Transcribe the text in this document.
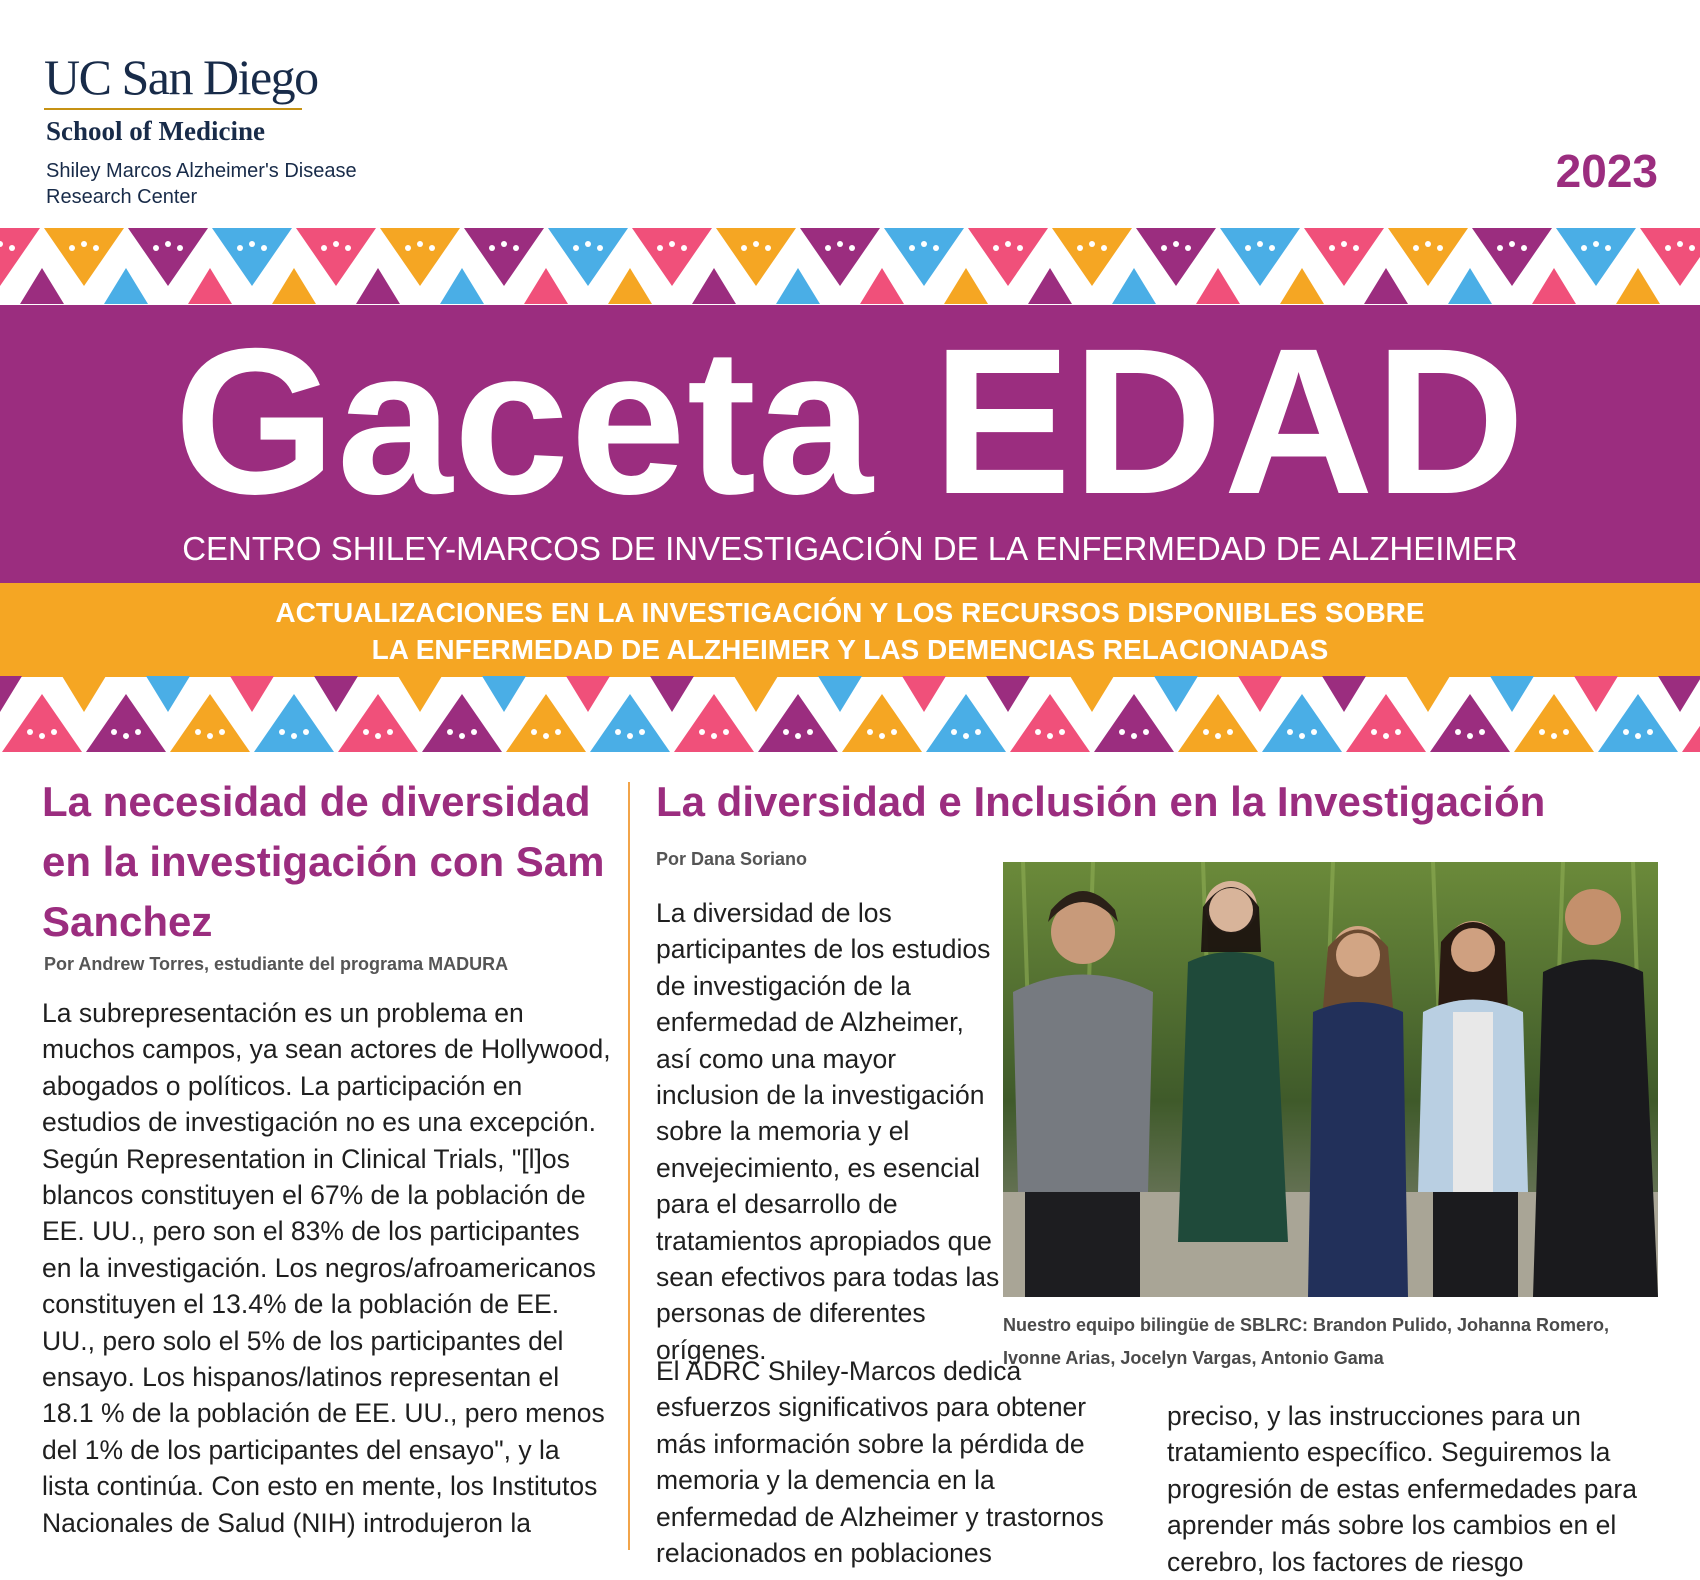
UC San Diego
School of Medicine
Shiley Marcos Alzheimer's Disease
Research Center	2023
Gaceta EDAD
CENTRO SHILEY-MARCOS DE INVESTIGACIÓN DE LA ENFERMEDAD DE ALZHEIMER
ACTUALIZACIONES EN LA INVESTIGACIÓN Y LOS RECURSOS DISPONIBLES SOBRE
LA ENFERMEDAD DE ALZHEIMER Y LAS DEMENCIAS RELACIONADAS
La necesidad de diversidad
en la investigación con Sam
Sanchez
Por Andrew Torres, estudiante del programa MADURA

La subrepresentación es un problema en muchos campos, ya sean actores de Hollywood, abogados o políticos. La participación en estudios de investigación no es una excepción. Según Representation in Clinical Trials, "[l]os blancos constituyen el 67% de la población de EE. UU., pero son el 83% de los participantes en la investigación. Los negros/afroamericanos constituyen el 13.4% de la población de EE. UU., pero solo el 5% de los participantes del ensayo. Los hispanos/latinos representan el 18.1 % de la población de EE. UU., pero menos del 1% de los participantes del ensayo", y la lista continúa. Con esto en mente, los Institutos Nacionales de Salud (NIH) introdujeron la

La diversidad e Inclusión en la Investigación
Por Dana Soriano
La diversidad de los participantes de los estudios de investigación de la enfermedad de Alzheimer, así como una mayor inclusion de la investigación sobre la memoria y el envejecimiento, es esencial para el desarrollo de tratamientos apropiados que sean efectivos para todas las personas de diferentes orígenes.
Nuestro equipo bilingüe de SBLRC: Brandon Pulido, Johanna Romero,
Ivonne Arias, Jocelyn Vargas, Antonio Gama
El ADRC Shiley-Marcos dedica esfuerzos significativos para obtener más información sobre la pérdida de memoria y la demencia en la enfermedad de Alzheimer y trastornos relacionados en poblaciones
preciso, y las instrucciones para un tratamiento específico. Seguiremos la progresión de estas enfermedades para aprender más sobre los cambios en el cerebro, los factores de riesgo
